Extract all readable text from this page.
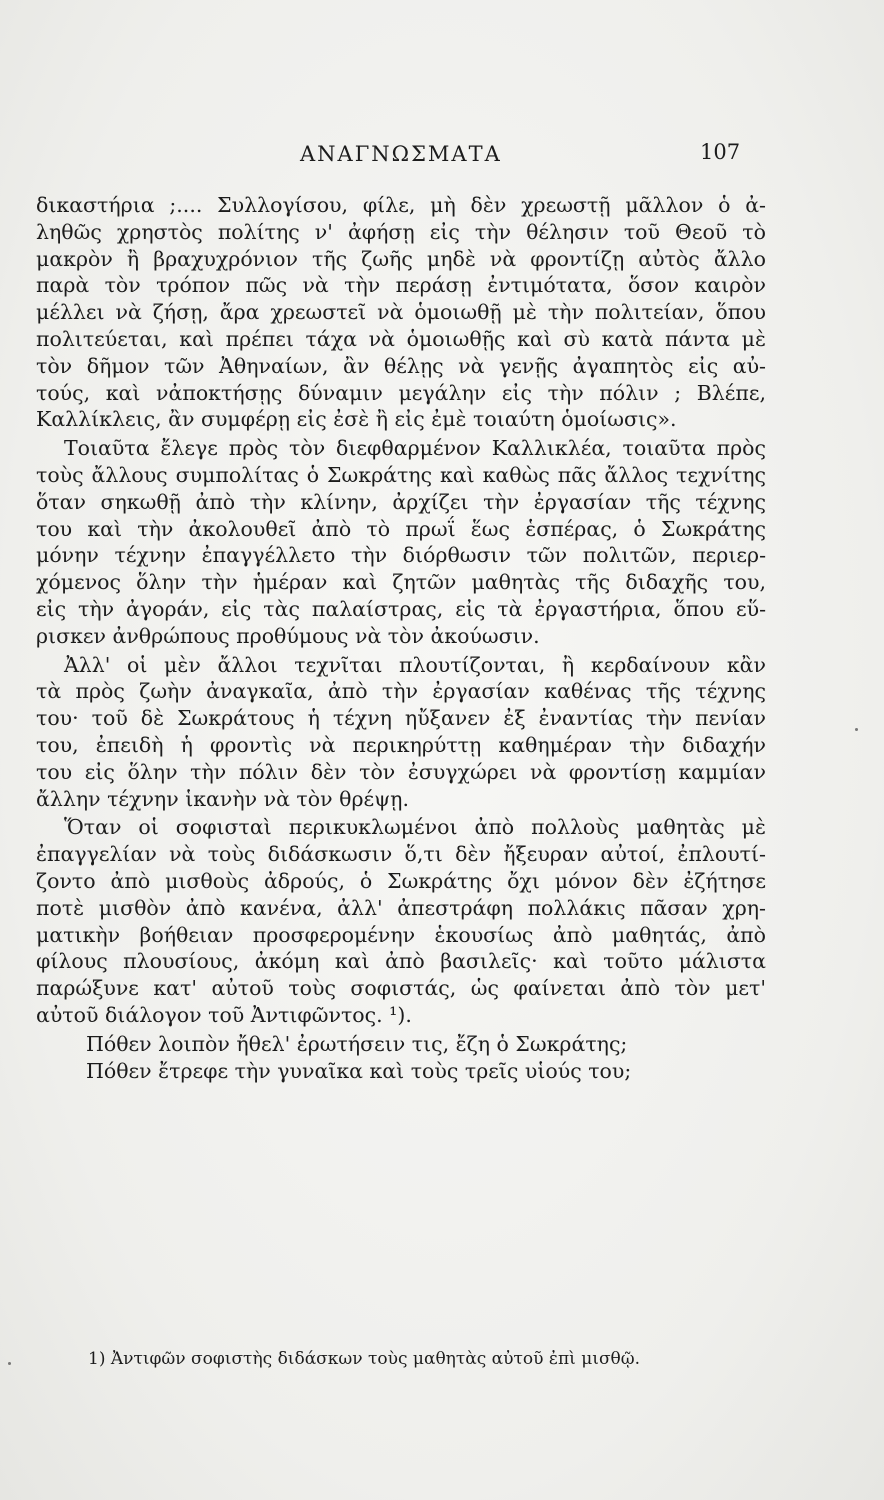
ΑΝΑΓΝΩΣΜΑΤΑ	107
δικαστήρια ;.... Συλλογίσου, φίλε, μὴ δὲν χρεωστῇ μᾶλλον ὁ ἀ-
ληθῶς χρηστὸς πολίτης ν' ἀφήσῃ εἰς τὴν θέλησιν τοῦ Θεοῦ τὸ
μακρὸν ἢ βραχυχρόνιον τῆς ζωῆς μηδὲ νὰ φροντίζῃ αὐτὸς ἄλλο
παρὰ τὸν τρόπον πῶς νὰ τὴν περάσῃ ἐντιμότατα, ὅσον καιρὸν
μέλλει νὰ ζήσῃ, ἄρα χρεωστεῖ νὰ ὁμοιωθῇ μὲ τὴν πολιτείαν, ὅπου
πολιτεύεται, καὶ πρέπει τάχα νὰ ὁμοιωθῇς καὶ σὺ κατὰ πάντα μὲ
τὸν δῆμον τῶν Ἀθηναίων, ἂν θέλῃς νὰ γενῇς ἀγαπητὸς εἰς αὐ-
τούς, καὶ νἀποκτήσῃς δύναμιν μεγάλην εἰς τὴν πόλιν ; Βλέπε,
Καλλίκλεις, ἂν συμφέρῃ εἰς ἐσὲ ἢ εἰς ἐμὲ τοιαύτη ὁμοίωσις».
Τοιαῦτα ἔλεγε πρὸς τὸν διεφθαρμένον Καλλικλέα, τοιαῦτα πρὸς
τοὺς ἄλλους συμπολίτας ὁ Σωκράτης καὶ καθὼς πᾶς ἄλλος τεχνίτης
ὅταν σηκωθῇ ἀπὸ τὴν κλίνην, ἀρχίζει τὴν ἐργασίαν τῆς τέχνης
του καὶ τὴν ἀκολουθεῖ ἀπὸ τὸ πρωΐ ἕως ἑσπέρας, ὁ Σωκράτης
μόνην τέχνην ἐπαγγέλλετο τὴν διόρθωσιν τῶν πολιτῶν, περιερ-
χόμενος ὅλην τὴν ἡμέραν καὶ ζητῶν μαθητὰς τῆς διδαχῆς του,
εἰς τὴν ἀγοράν, εἰς τὰς παλαίστρας, εἰς τὰ ἐργαστήρια, ὅπου εὕ-
ρισκεν ἀνθρώπους προθύμους νὰ τὸν ἀκούωσιν.
Ἀλλ' οἱ μὲν ἄλλοι τεχνῖται πλουτίζονται, ἢ κερδαίνουν κἂν
τὰ πρὸς ζωὴν ἀναγκαῖα, ἀπὸ τὴν ἐργασίαν καθένας τῆς τέχνης
του· τοῦ δὲ Σωκράτους ἡ τέχνη ηὔξανεν ἐξ ἐναντίας τὴν πενίαν
του, ἐπειδὴ ἡ φροντὶς νὰ περικηρύττῃ καθημέραν τὴν διδαχήν
του εἰς ὅλην τὴν πόλιν δὲν τὸν ἐσυγχώρει νὰ φροντίσῃ καμμίαν
ἄλλην τέχνην ἱκανὴν νὰ τὸν θρέψῃ.
Ὅταν οἱ σοφισταὶ περικυκλωμένοι ἀπὸ πολλοὺς μαθητὰς μὲ
ἐπαγγελίαν νὰ τοὺς διδάσκωσιν ὅ,τι δὲν ἤξευραν αὐτοί, ἐπλουτί-
ζοντο ἀπὸ μισθοὺς ἀδρούς, ὁ Σωκράτης ὄχι μόνον δὲν ἐζήτησε
ποτὲ μισθὸν ἀπὸ κανένα, ἀλλ' ἀπεστράφη πολλάκις πᾶσαν χρη-
ματικὴν βοήθειαν προσφερομένην ἑκουσίως ἀπὸ μαθητάς, ἀπὸ
φίλους πλουσίους, ἀκόμη καὶ ἀπὸ βασιλεῖς· καὶ τοῦτο μάλιστα
παρώξυνε κατ' αὐτοῦ τοὺς σοφιστάς, ὡς φαίνεται ἀπὸ τὸν μετ'
αὐτοῦ διάλογον τοῦ Ἀντιφῶντος. ¹).
Πόθεν λοιπὸν ἤθελ' ἐρωτήσειν τις, ἔζη ὁ Σωκράτης;
Πόθεν ἔτρεφε τὴν γυναῖκα καὶ τοὺς τρεῖς υἱούς του;
1) Ἀντιφῶν σοφιστὴς διδάσκων τοὺς μαθητὰς αὐτοῦ ἐπὶ μισθῷ.
